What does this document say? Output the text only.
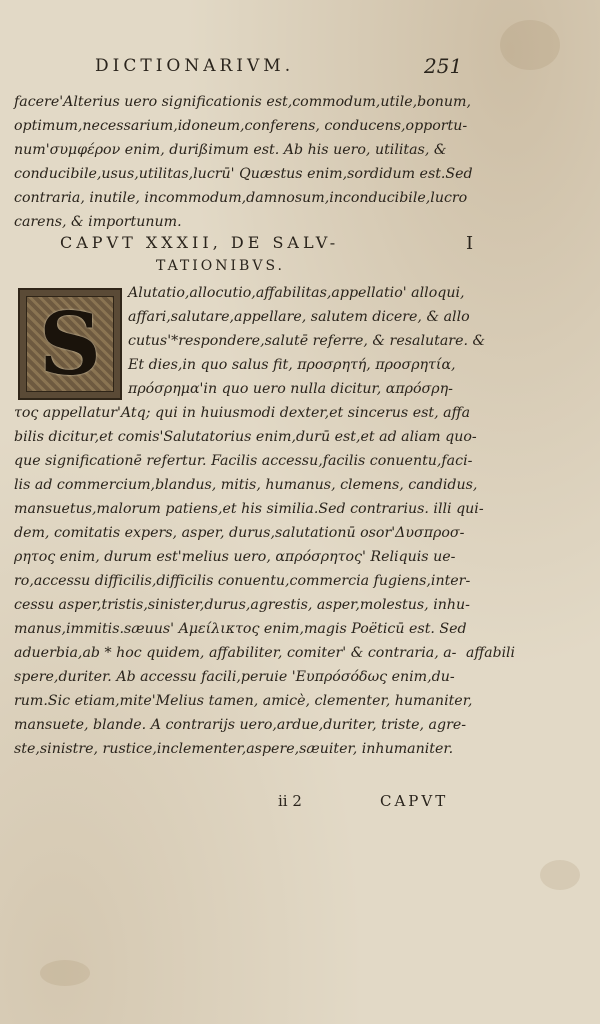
DICTIONARIVM.	251
facere'Alterius uero significationis est,commodum,utile,bonum,
optimum,necessarium,idoneum,conferens, conducens,opportu-
num'συμφέρον enim, durißimum est. Ab his uero, utilitas, &
conducibile,usus,utilitas,lucrū' Quæstus enim,sordidum est.Sed
contraria, inutile, incommodum,damnosum,inconducibile,lucro
carens, & importunum.
CAPVT XXXII, DE SALV-	I
TATIONIBVS.
S
Alutatio,allocutio,affabilitas,appellatio' alloqui,
affari,salutare,appellare, salutem dicere, & allo
cutus'*respondere,salutē referre, & resalutare. &
Et dies,in quo salus fit, προσρητή, προσρητία,
πρόσρημα'in quo uero nulla dicitur, απρόσρη-
τος appellatur'Atq; qui in huiusmodi dexter,et sincerus est, affa
bilis dicitur,et comis'Salutatorius enim,durū est,et ad aliam quo-
que significationē refertur. Facilis accessu,facilis conuentu,faci-
lis ad commercium,blandus, mitis, humanus, clemens, candidus,
mansuetus,malorum patiens,et his similia.Sed contrarius. illi qui-
dem, comitatis expers, asper, durus,salutationū osor'Δυσπροσ-
ρητος enim, durum est'melius uero, απρόσρητος' Reliquis ue-
ro,accessu difficilis,difficilis conuentu,commercia fugiens,inter-
cessu asper,tristis,sinister,durus,agrestis, asper,molestus, inhu-
manus,immitis.sæuus' Αμείλικτος enim,magis Poëticū est. Sed
aduerbia,ab * hoc quidem, affabiliter, comiter' & contraria, a-
spere,duriter. Ab accessu facili,peruie 'Ευπρόσόδως enim,du-
rum.Sic etiam,mite'Melius tamen, amicè, clementer, humaniter,
mansuete, blande. A contrarijs uero,ardue,duriter, triste, agre-
ste,sinistre, rustice,inclementer,aspere,sæuiter, inhumaniter.
affabili
ii 2	CAPVT
